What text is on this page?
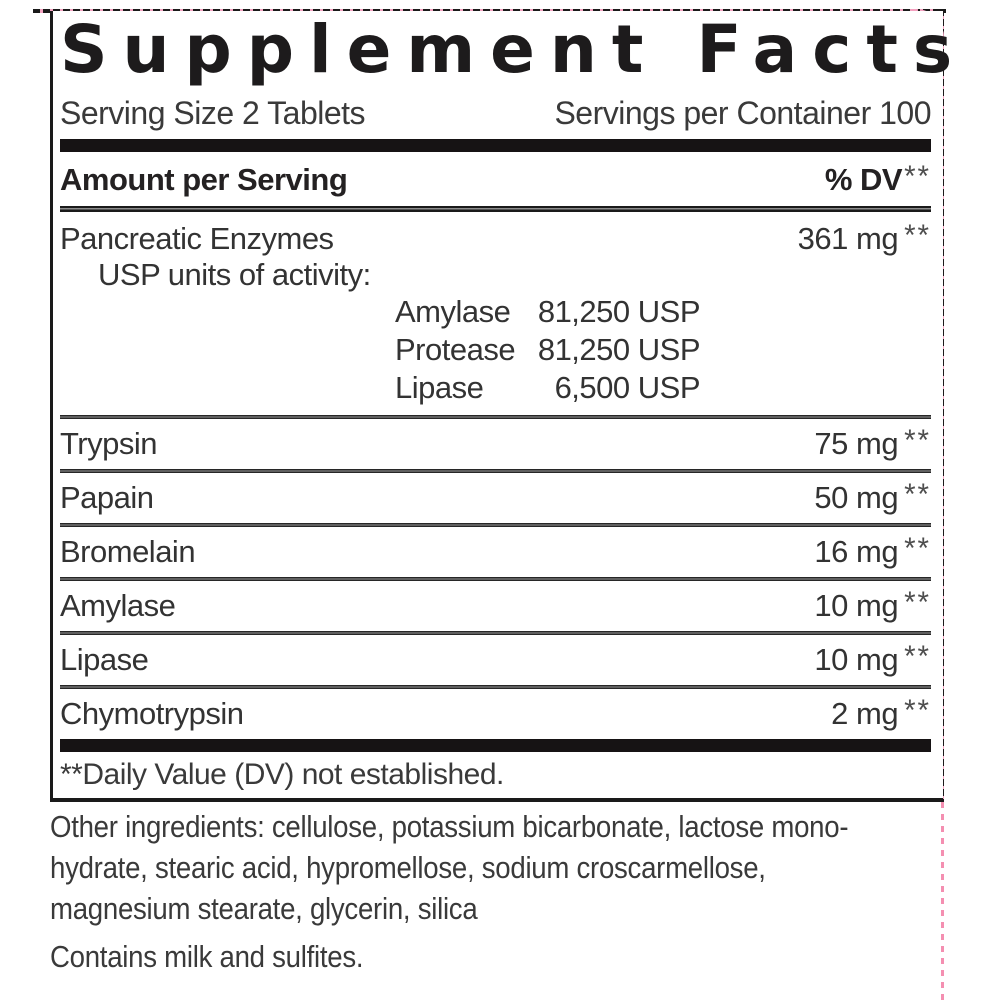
Supplement Facts
Serving Size 2 Tablets	Servings per Container 100
Amount per Serving	% DV**
Pancreatic Enzymes	361 mg **
USP units of activity:
Amylase 81,250 USP
Protease 81,250 USP
Lipase 6,500 USP
Trypsin	75 mg **
Papain	50 mg **
Bromelain	16 mg **
Amylase	10 mg **
Lipase	10 mg **
Chymotrypsin	2 mg **
**Daily Value (DV) not established.
Other ingredients: cellulose, potassium bicarbonate, lactose mono-
hydrate, stearic acid, hypromellose, sodium croscarmellose,
magnesium stearate, glycerin, silica
Contains milk and sulfites.
